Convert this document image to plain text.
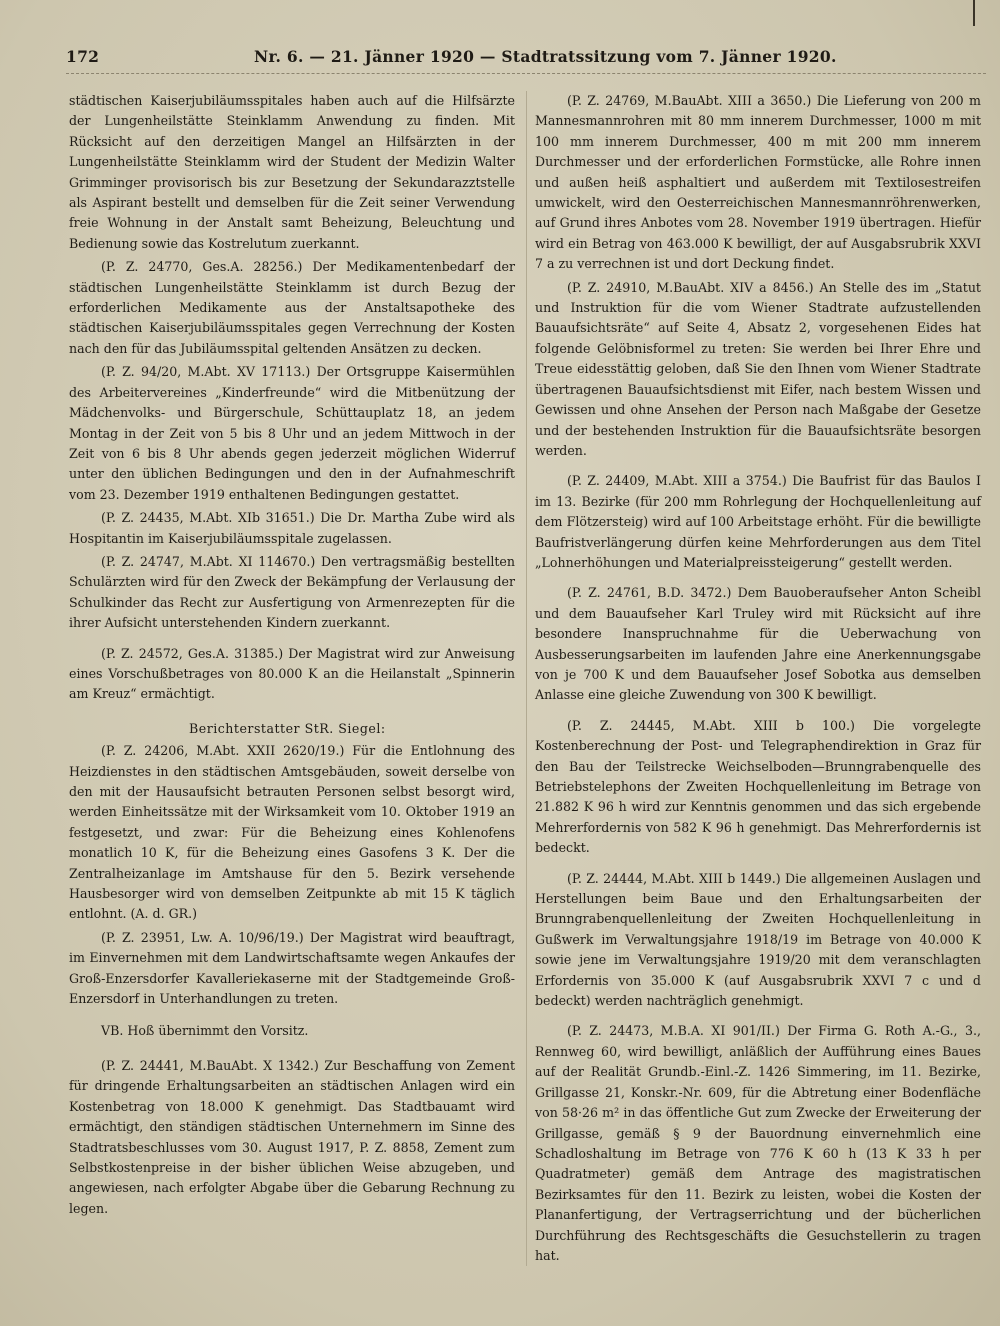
172	Nr. 6. — 21. Jänner 1920 — Stadtratssitzung vom 7. Jänner 1920.

städtischen Kaiserjubiläumsspitales haben auch auf die Hilfsärzte der Lungenheilstätte Steinklamm Anwendung zu finden. Mit Rücksicht auf den derzeitigen Mangel an Hilfsärzten in der Lungenheilstätte Steinklamm wird der Student der Medizin Walter Grimminger provisorisch bis zur Besetzung der Sekundarazztstelle als Aspirant bestellt und demselben für die Zeit seiner Verwendung freie Wohnung in der Anstalt samt Beheizung, Beleuchtung und Bedienung sowie das Kostrelutum zuerkannt.

(P. Z. 24770, Ges.A. 28256.) Der Medikamentenbedarf der städtischen Lungenheilstätte Steinklamm ist durch Bezug der erforderlichen Medikamente aus der Anstaltsapotheke des städtischen Kaiserjubiläumsspitales gegen Verrechnung der Kosten nach den für das Jubiläumsspital geltenden Ansätzen zu decken.

(P. Z. 94/20, M.Abt. XV 17113.) Der Ortsgruppe Kaisermühlen des Arbeitervereines „Kinderfreunde“ wird die Mitbenützung der Mädchenvolks- und Bürgerschule, Schüttauplatz 18, an jedem Montag in der Zeit von 5 bis 8 Uhr und an jedem Mittwoch in der Zeit von 6 bis 8 Uhr abends gegen jederzeit möglichen Widerruf unter den üblichen Bedingungen und den in der Aufnahmeschrift vom 23. Dezember 1919 enthaltenen Bedingungen gestattet.

(P. Z. 24435, M.Abt. XIb 31651.) Die Dr. Martha Zube wird als Hospitantin im Kaiserjubiläumsspitale zugelassen.

(P. Z. 24747, M.Abt. XI 114670.) Den vertragsmäßig bestellten Schulärzten wird für den Zweck der Bekämpfung der Verlausung der Schulkinder das Recht zur Ausfertigung von Armenrezepten für die ihrer Aufsicht unterstehenden Kindern zuerkannt.

(P. Z. 24572, Ges.A. 31385.) Der Magistrat wird zur Anweisung eines Vorschußbetrages von 80.000 K an die Heilanstalt „Spinnerin am Kreuz“ ermächtigt.

Berichterstatter StR. Siegel:

(P. Z. 24206, M.Abt. XXII 2620/19.) Für die Entlohnung des Heizdienstes in den städtischen Amtsgebäuden, soweit derselbe von den mit der Hausaufsicht betrauten Personen selbst besorgt wird, werden Einheitssätze mit der Wirksamkeit vom 10. Oktober 1919 an festgesetzt, und zwar: Für die Beheizung eines Kohlenofens monatlich 10 K, für die Beheizung eines Gasofens 3 K. Der die Zentralheizanlage im Amtshause für den 5. Bezirk versehende Hausbesorger wird von demselben Zeitpunkte ab mit 15 K täglich entlohnt. (A. d. GR.)

(P. Z. 23951, Lw. A. 10/96/19.) Der Magistrat wird beauftragt, im Einvernehmen mit dem Landwirtschaftsamte wegen Ankaufes der Groß-Enzersdorfer Kavalleriekaserne mit der Stadtgemeinde Groß-Enzersdorf in Unterhandlungen zu treten.

VB. Hoß übernimmt den Vorsitz.

(P. Z. 24441, M.BauAbt. X 1342.) Zur Beschaffung von Zement für dringende Erhaltungsarbeiten an städtischen Anlagen wird ein Kostenbetrag von 18.000 K genehmigt. Das Stadtbauamt wird ermächtigt, den ständigen städtischen Unternehmern im Sinne des Stadtratsbeschlusses vom 30. August 1917, P. Z. 8858, Zement zum Selbstkostenpreise in der bisher üblichen Weise abzugeben, und angewiesen, nach erfolgter Abgabe über die Gebarung Rechnung zu legen.

(P. Z. 24769, M.BauAbt. XIII a 3650.) Die Lieferung von 200 m Mannesmannrohren mit 80 mm innerem Durchmesser, 1000 m mit 100 mm innerem Durchmesser, 400 m mit 200 mm innerem Durchmesser und der erforderlichen Formstücke, alle Rohre innen und außen heiß asphaltiert und außerdem mit Textilosestreifen umwickelt, wird den Oesterreichischen Mannesmannröhrenwerken, auf Grund ihres Anbotes vom 28. November 1919 übertragen. Hiefür wird ein Betrag von 463.000 K bewilligt, der auf Ausgabsrubrik XXVI 7 a zu verrechnen ist und dort Deckung findet.

(P. Z. 24910, M.BauAbt. XIV a 8456.) An Stelle des im „Statut und Instruktion für die vom Wiener Stadtrate aufzustellenden Bauaufsichtsräte“ auf Seite 4, Absatz 2, vorgesehenen Eides hat folgende Gelöbnisformel zu treten: Sie werden bei Ihrer Ehre und Treue eidesstättig geloben, daß Sie den Ihnen vom Wiener Stadtrate übertragenen Bauaufsichtsdienst mit Eifer, nach bestem Wissen und Gewissen und ohne Ansehen der Person nach Maßgabe der Gesetze und der bestehenden Instruktion für die Bauaufsichtsräte besorgen werden.

(P. Z. 24409, M.Abt. XIII a 3754.) Die Baufrist für das Baulos I im 13. Bezirke (für 200 mm Rohrlegung der Hochquellenleitung auf dem Flötzersteig) wird auf 100 Arbeitstage erhöht. Für die bewilligte Baufristverlängerung dürfen keine Mehrforderungen aus dem Titel „Lohnerhöhungen und Materialpreissteigerung“ gestellt werden.

(P. Z. 24761, B.D. 3472.) Dem Bauoberaufseher Anton Scheibl und dem Bauaufseher Karl Truley wird mit Rücksicht auf ihre besondere Inanspruchnahme für die Ueberwachung von Ausbesserungsarbeiten im laufenden Jahre eine Anerkennungsgabe von je 700 K und dem Bauaufseher Josef Sobotka aus demselben Anlasse eine gleiche Zuwendung von 300 K bewilligt.

(P. Z. 24445, M.Abt. XIII b 100.) Die vorgelegte Kostenberechnung der Post- und Telegraphendirektion in Graz für den Bau der Teilstrecke Weichselboden—Brunngrabenquelle des Betriebstelephons der Zweiten Hochquellenleitung im Betrage von 21.882 K 96 h wird zur Kenntnis genommen und das sich ergebende Mehrerfordernis von 582 K 96 h genehmigt. Das Mehrerfordernis ist bedeckt.

(P. Z. 24444, M.Abt. XIII b 1449.) Die allgemeinen Auslagen und Herstellungen beim Baue und den Erhaltungsarbeiten der Brunngrabenquellenleitung der Zweiten Hochquellenleitung in Gußwerk im Verwaltungsjahre 1918/19 im Betrage von 40.000 K sowie jene im Verwaltungsjahre 1919/20 mit dem veranschlagten Erfordernis von 35.000 K (auf Ausgabsrubrik XXVI 7 c und d bedeckt) werden nachträglich genehmigt.

(P. Z. 24473, M.B.A. XI 901/II.) Der Firma G. Roth A.-G., 3., Rennweg 60, wird bewilligt, anläßlich der Aufführung eines Baues auf der Realität Grundb.-Einl.-Z. 1426 Simmering, im 11. Bezirke, Grillgasse 21, Konskr.-Nr. 609, für die Abtretung einer Bodenfläche von 58·26 m² in das öffentliche Gut zum Zwecke der Erweiterung der Grillgasse, gemäß § 9 der Bauordnung einvernehmlich eine Schadloshaltung im Betrage von 776 K 60 h (13 K 33 h per Quadratmeter) gemäß dem Antrage des magistratischen Bezirksamtes für den 11. Bezirk zu leisten, wobei die Kosten der Plananfertigung, der Vertragserrichtung und der bücherlichen Durchführung des Rechtsgeschäfts die Gesuchstellerin zu tragen hat.
